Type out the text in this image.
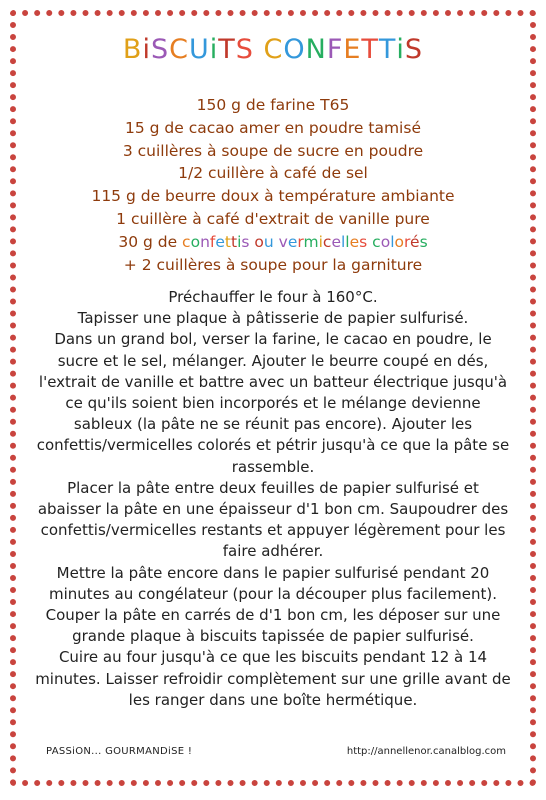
BiSCUiTS CONFETTiS
150 g de farine T65
15 g de cacao amer en poudre tamisé
3 cuillères à soupe de sucre en poudre
1/2 cuillère à café de sel
115 g de beurre doux à température ambiante
1 cuillère à café d'extrait de vanille pure
30 g de confettis ou vermicelles colorés
+ 2 cuillères à soupe pour la garniture

Préchauffer le four à 160°C.

Tapisser une plaque à pâtisserie de papier sulfurisé.

Dans un grand bol, verser la farine, le cacao en poudre, le sucre et le sel, mélanger. Ajouter le beurre coupé en dés, l'extrait de vanille et battre avec un batteur électrique jusqu'à ce qu'ils soient bien incorporés et le mélange devienne sableux (la pâte ne se réunit pas encore). Ajouter les confettis/vermicelles colorés et pétrir jusqu'à ce que la pâte se rassemble.

Placer la pâte entre deux feuilles de papier sulfurisé et abaisser la pâte en une épaisseur d'1 bon cm. Saupoudrer des confettis/vermicelles restants et appuyer légèrement pour les faire adhérer.

Mettre la pâte encore dans le papier sulfurisé pendant 20 minutes au congélateur (pour la découper plus facilement).

Couper la pâte en carrés de d'1 bon cm, les déposer sur une grande plaque à biscuits tapissée de papier sulfurisé.

Cuire au four jusqu'à ce que les biscuits pendant 12 à 14 minutes. Laisser refroidir complètement sur une grille avant de les ranger dans une boîte hermétique.

PASSiON... GOURMANDiSE !	http://annellenor.canalblog.com
